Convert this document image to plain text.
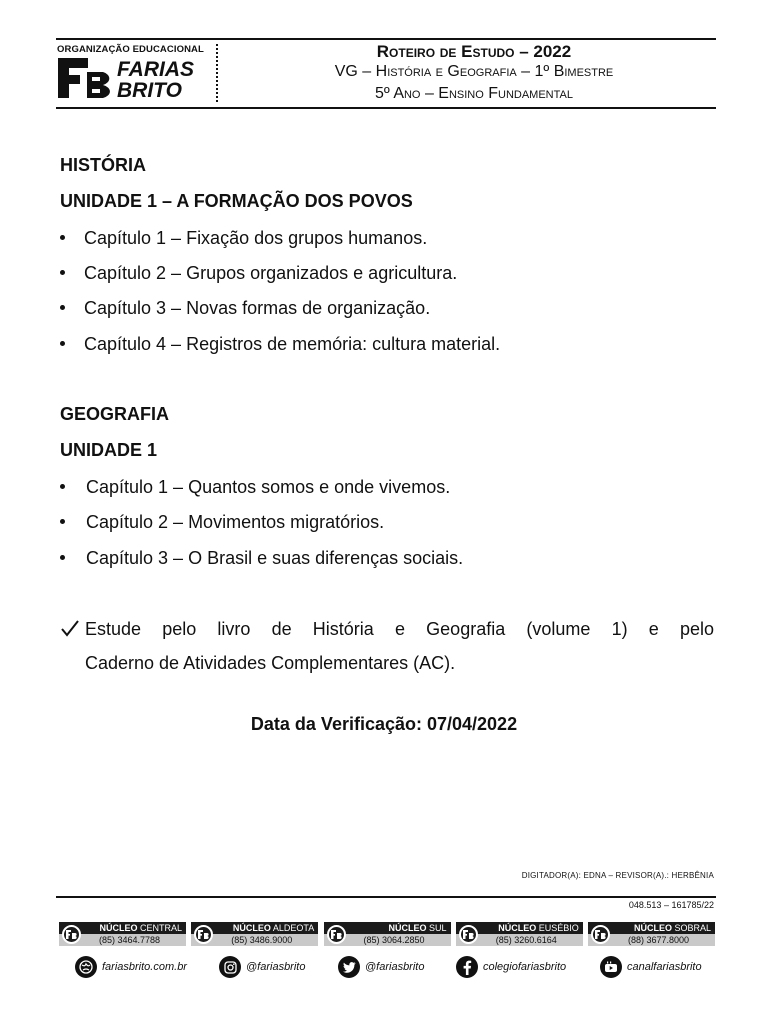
ORGANIZAÇÃO EDUCACIONAL
FARIAS
BRITO
Roteiro de Estudo – 2022
VG – História e Geografia – 1º Bimestre
5º Ano – Ensino Fundamental
HISTÓRIA
UNIDADE 1 – A FORMAÇÃO DOS POVOS
Capítulo 1 – Fixação dos grupos humanos.
Capítulo 2 – Grupos organizados e agricultura.
Capítulo 3 – Novas formas de organização.
Capítulo 4 – Registros de memória: cultura material.
GEOGRAFIA
UNIDADE 1
Capítulo 1 – Quantos somos e onde vivemos.
Capítulo 2 – Movimentos migratórios.
Capítulo 3 – O Brasil e suas diferenças sociais.
Estude pelo livro de História e Geografia (volume 1) e pelo
Caderno de Atividades Complementares (AC).
Data da Verificação: 07/04/2022
DIGITADOR(A): EDNA – REVISOR(A).: HERBÊNIA
048.513 – 161785/22
NÚCLEO CENTRAL
(85) 3464.7788
NÚCLEO ALDEOTA
(85) 3486.9000
NÚCLEO SUL
(85) 3064.2850
NÚCLEO EUSÉBIO
(85) 3260.6164
NÚCLEO SOBRAL
(88) 3677.8000
fariasbrito.com.br	@fariasbrito	@fariasbrito	colegiofariasbrito	canalfariasbrito
